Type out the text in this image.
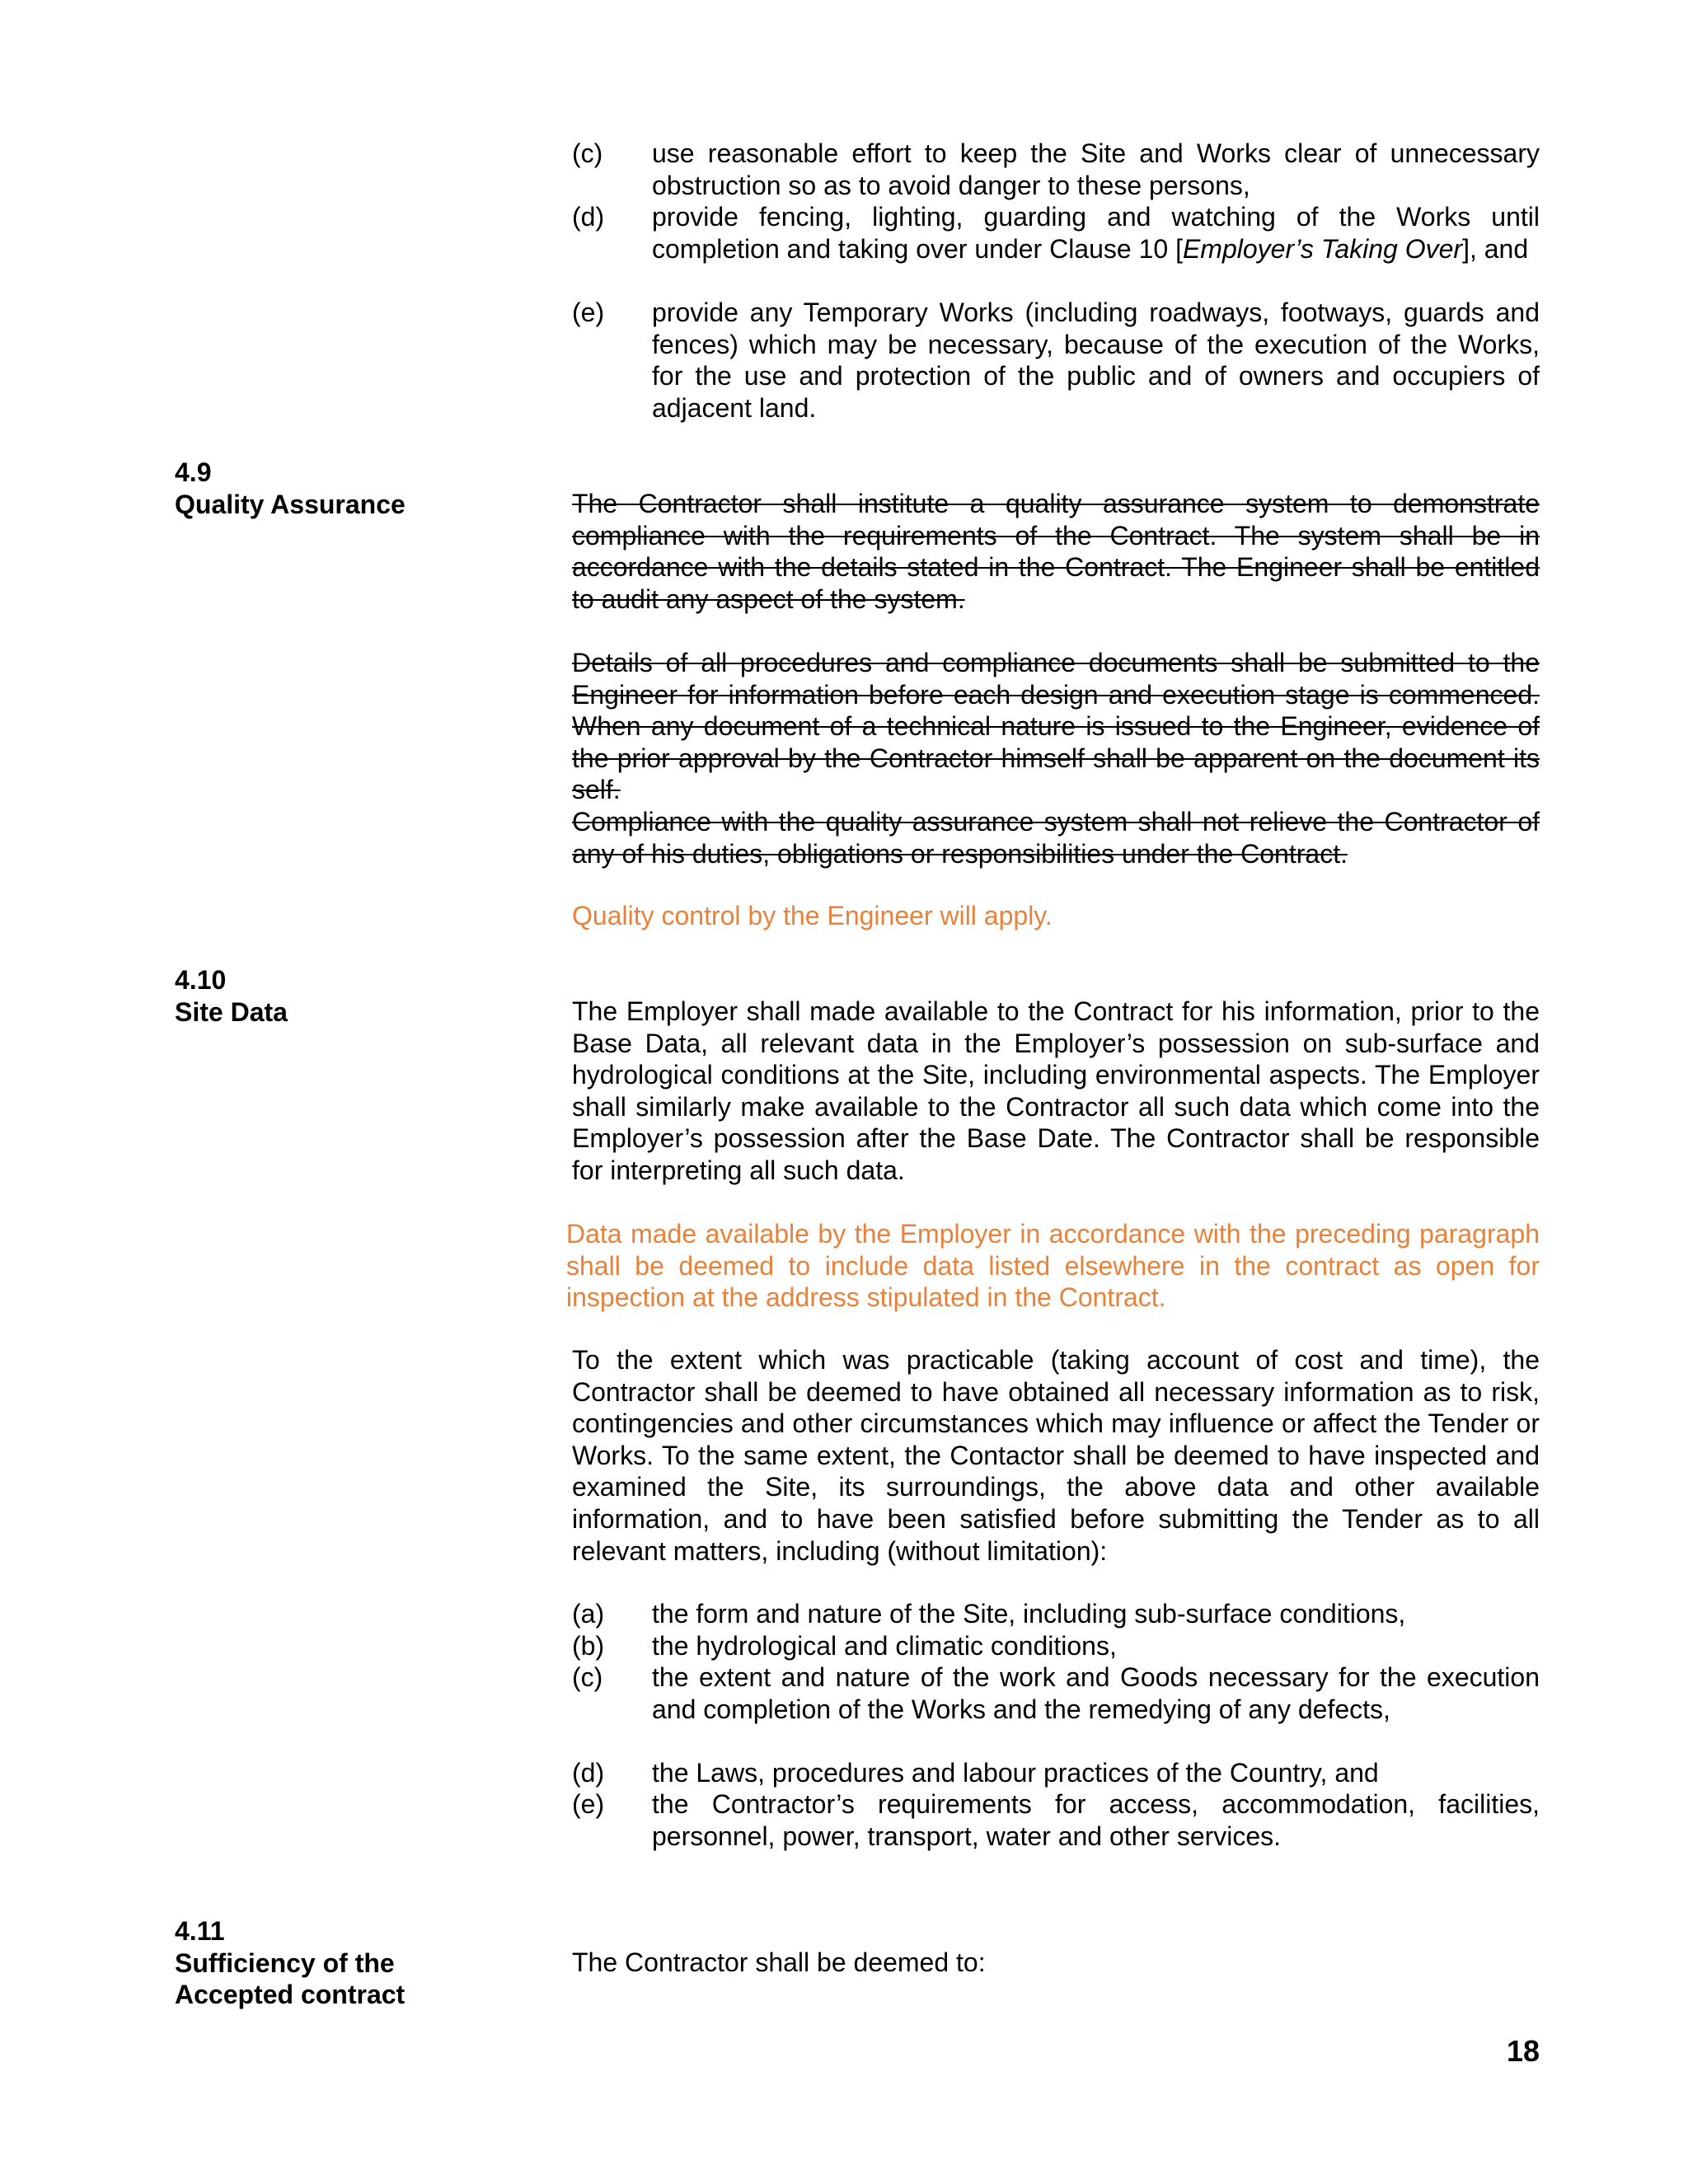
(c) use reasonable effort to keep the Site and Works clear of unnecessary obstruction so as to avoid danger to these persons,
(d) provide fencing, lighting, guarding and watching of the Works until completion and taking over under Clause 10 [Employer’s Taking Over], and
(e) provide any Temporary Works (including roadways, footways, guards and fences) which may be necessary, because of the execution of the Works, for the use and protection of the public and of owners and occupiers of adjacent land.
4.9
Quality Assurance	The Contractor shall institute a quality assurance system to demonstrate compliance with the requirements of the Contract. The system shall be in accordance with the details stated in the Contract. The Engineer shall be entitled to audit any aspect of the system.

Details of all procedures and compliance documents shall be submitted to the Engineer for information before each design and execution stage is commenced. When any document of a technical nature is issued to the Engineer, evidence of the prior approval by the Contractor himself shall be apparent on the document its self.

Compliance with the quality assurance system shall not relieve the Contractor of any of his duties, obligations or responsibilities under the Contract.

Quality control by the Engineer will apply.

4.10
Site Data	The Employer shall made available to the Contract for his information, prior to the Base Data, all relevant data in the Employer’s possession on sub-surface and hydrological conditions at the Site, including environmental aspects. The Employer shall similarly make available to the Contractor all such data which come into the Employer’s possession after the Base Date. The Contractor shall be responsible for interpreting all such data.

Data made available by the Employer in accordance with the preceding paragraph shall be deemed to include data listed elsewhere in the contract as open for inspection at the address stipulated in the Contract.

To the extent which was practicable (taking account of cost and time), the Contractor shall be deemed to have obtained all necessary information as to risk, contingencies and other circumstances which may influence or affect the Tender or Works. To the same extent, the Contactor shall be deemed to have inspected and examined the Site, its surroundings, the above data and other available information, and to have been satisfied before submitting the Tender as to all relevant matters, including (without limitation):

(a) the form and nature of the Site, including sub-surface conditions,
(b) the hydrological and climatic conditions,
(c) the extent and nature of the work and Goods necessary for the execution and completion of the Works and the remedying of any defects,
(d) the Laws, procedures and labour practices of the Country, and
(e) the Contractor’s requirements for access, accommodation, facilities, personnel, power, transport, water and other services.
4.11
Sufficiency of the
Accepted contract

The Contractor shall be deemed to:

18
